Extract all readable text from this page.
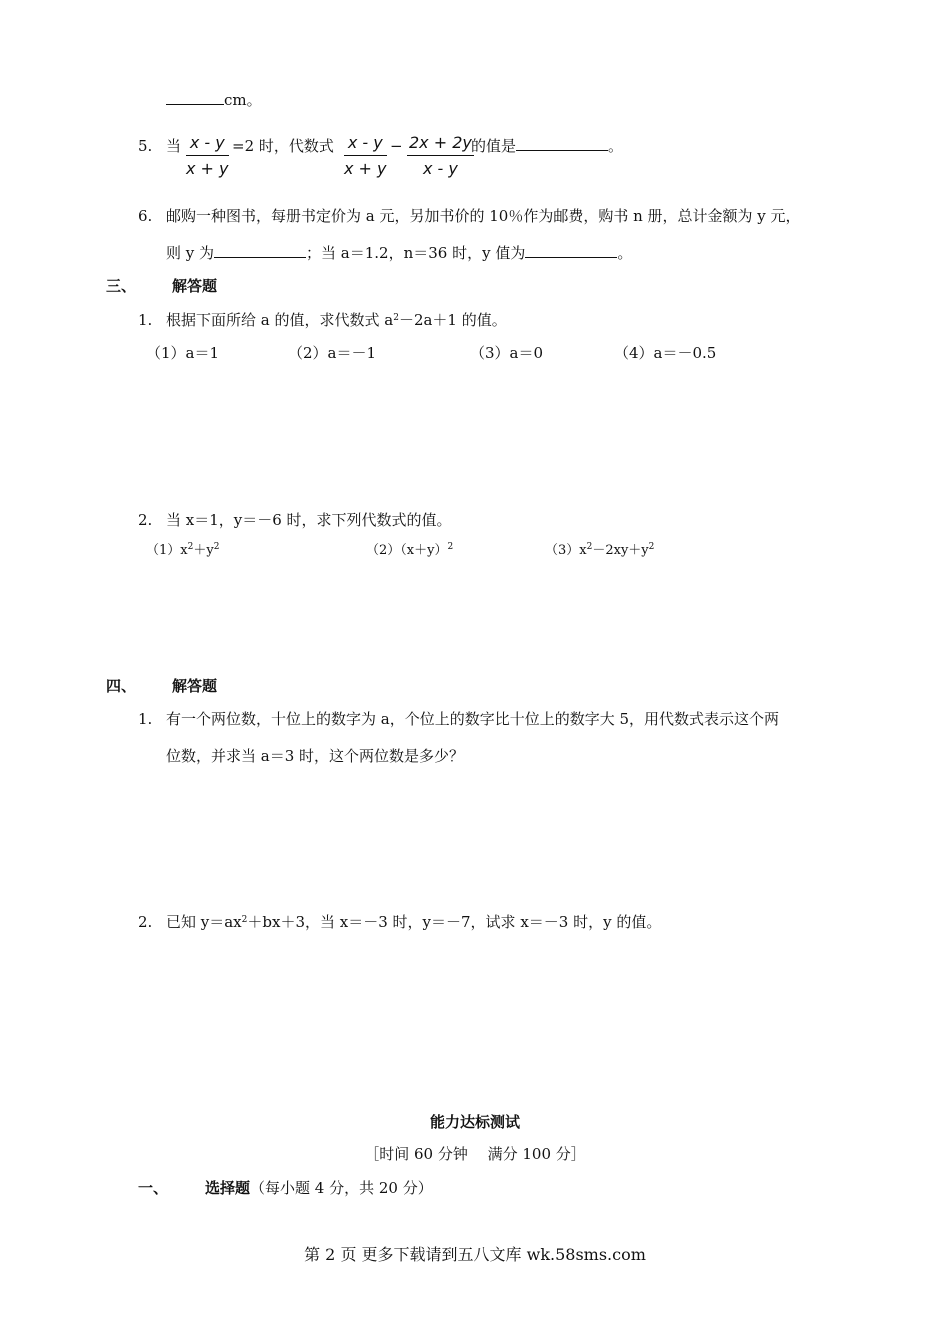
cm。
5. 当 $\frac{x - y}{x + y} =2$ 时，代数式 $\frac{x - y}{x + y} - \frac{2x + 2y}{x - y}$
的值是	。
6. 邮购一种图书，每册书定价为 a 元，另加书价的 10％作为邮费，购书 n 册，总计金额为 y 元，
则 y 为	；当 a＝1.2，n＝36 时，y 值为	。
三、 解答题
1. 根据下面所给 a 的值，求代数式 $a^2-2a+1$ 的值。
（1）a＝1	（2）a＝－1	（3）a＝0	（4）a＝－0.5
2. 当 x＝1，y＝－6 时，求下列代数式的值。
$(1)x^2+y^2$	$(2)(x+y)^2$	$(3)x^2-2xy+y^2$
四、 解答题
1. 有一个两位数，十位上的数字为 a，个位上的数字比十位上的数字大 5，用代数式表示这个两
位数，并求当 a＝3 时，这个两位数是多少？
2. 已知 $y=ax^2+bx+3$，当 x＝－3 时，y＝－7，试求 x＝－3 时，y 的值。
能力达标测试
［时间 60 分钟　 满分 100 分］
一、 选择题（每小题 4 分，共 20 分）
第 2 页 更多下载请到五八文库 wk.58sms.com
